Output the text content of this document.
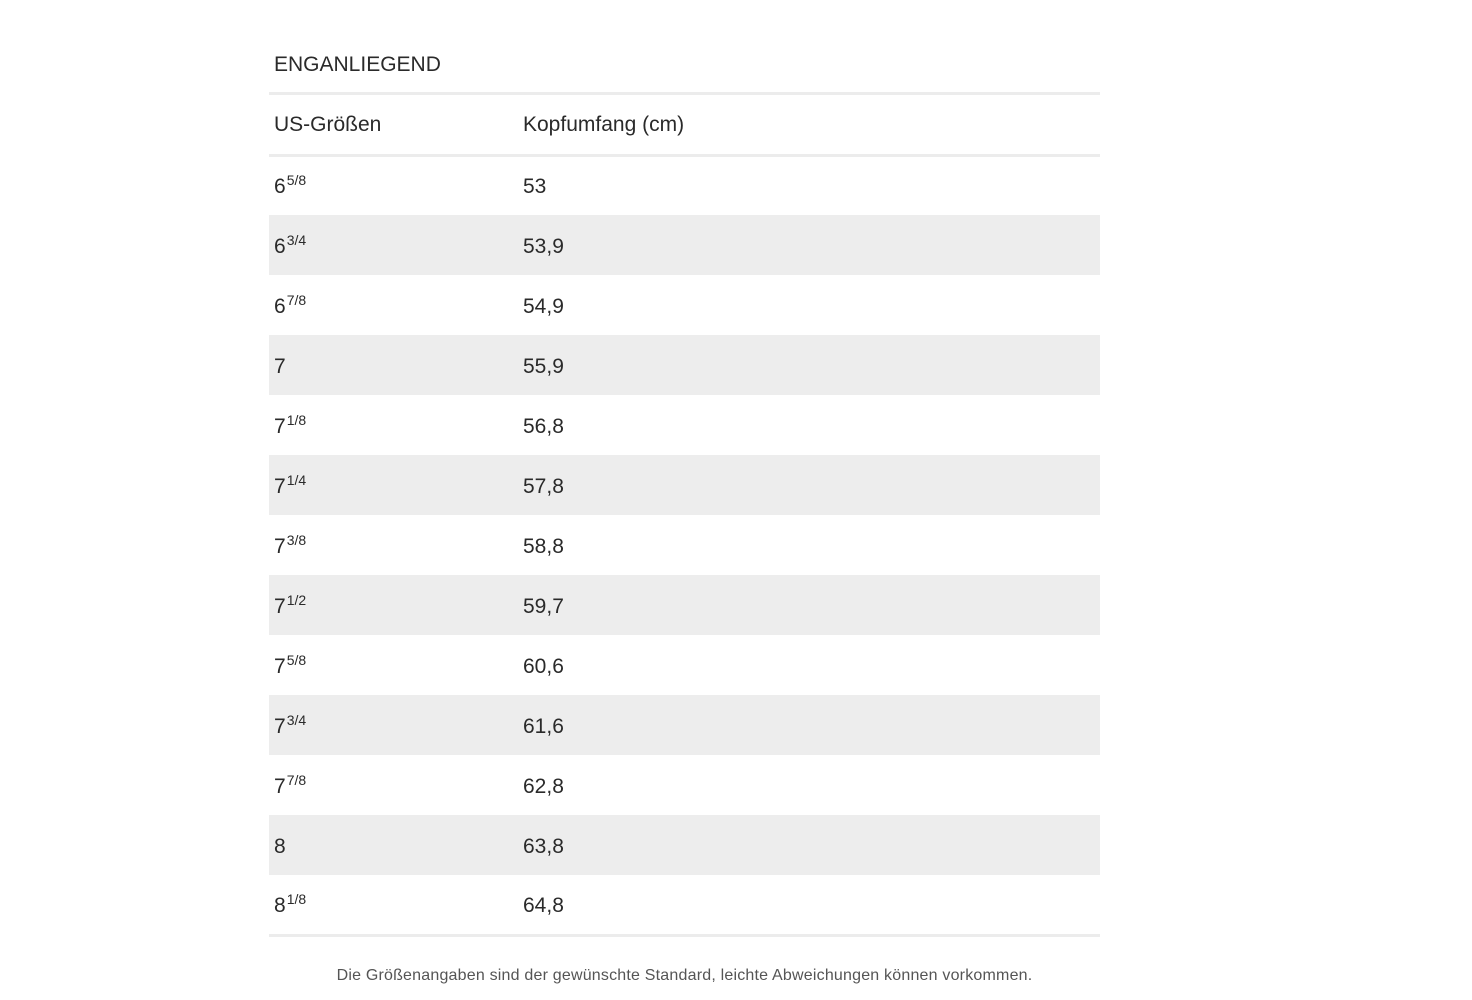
ENGANLIEGEND
US-Größen	Kopfumfang (cm)
$6^{5/8}$	53
$6^{3/4}$	53,9
$6^{7/8}$	54,9
7	55,9
$7^{1/8}$	56,8
$7^{1/4}$	57,8
$7^{3/8}$	58,8
$7^{1/2}$	59,7
$7^{5/8}$	60,6
$7^{3/4}$	61,6
$7^{7/8}$	62,8
8	63,8
$8^{1/8}$	64,8
Die Größenangaben sind der gewünschte Standard, leichte Abweichungen können vorkommen.
